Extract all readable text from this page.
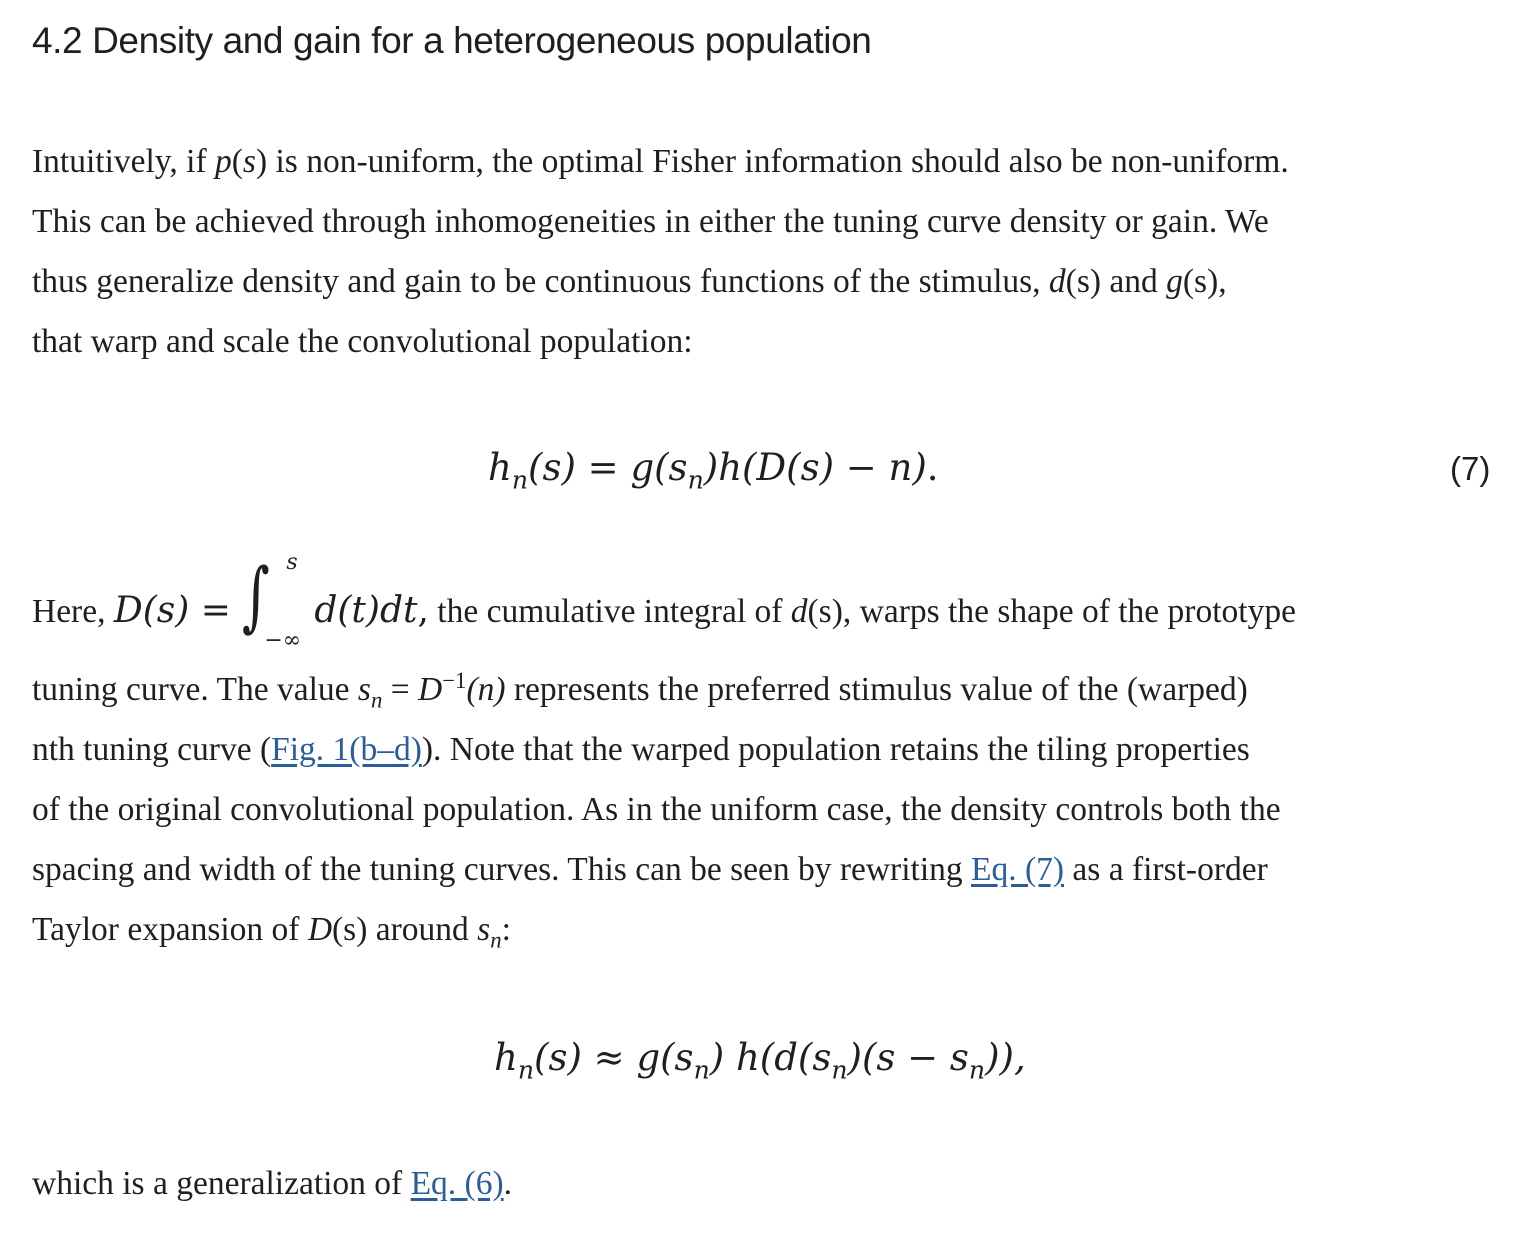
4.2 Density and gain for a heterogeneous population
Intuitively, if p(s) is non-uniform, the optimal Fisher information should also be non-uniform.
This can be achieved through inhomogeneities in either the tuning curve density or gain. We
thus generalize density and gain to be continuous functions of the stimulus, d(s) and g(s),
that warp and scale the convolutional population:
$h_n(s) = g(s_n)h(D(s) - n)$.	(7)
Here, D(s) = ∫ s
−∞
d(t)dt, the cumulative integral of d(s), warps the shape of the prototype
tuning curve. The value $s_n = D^{-1}(n)$ represents the preferred stimulus value of the (warped)
nth tuning curve (Fig. 1(b–d)). Note that the warped population retains the tiling properties
of the original convolutional population. As in the uniform case, the density controls both the
spacing and width of the tuning curves. This can be seen by rewriting Eq. (7) as a first-order
Taylor expansion of D(s) around $s_n$:
$h_n(s) \approx g(s_n) h(d(s_n)(s - s_n))$,
which is a generalization of Eq. (6).
